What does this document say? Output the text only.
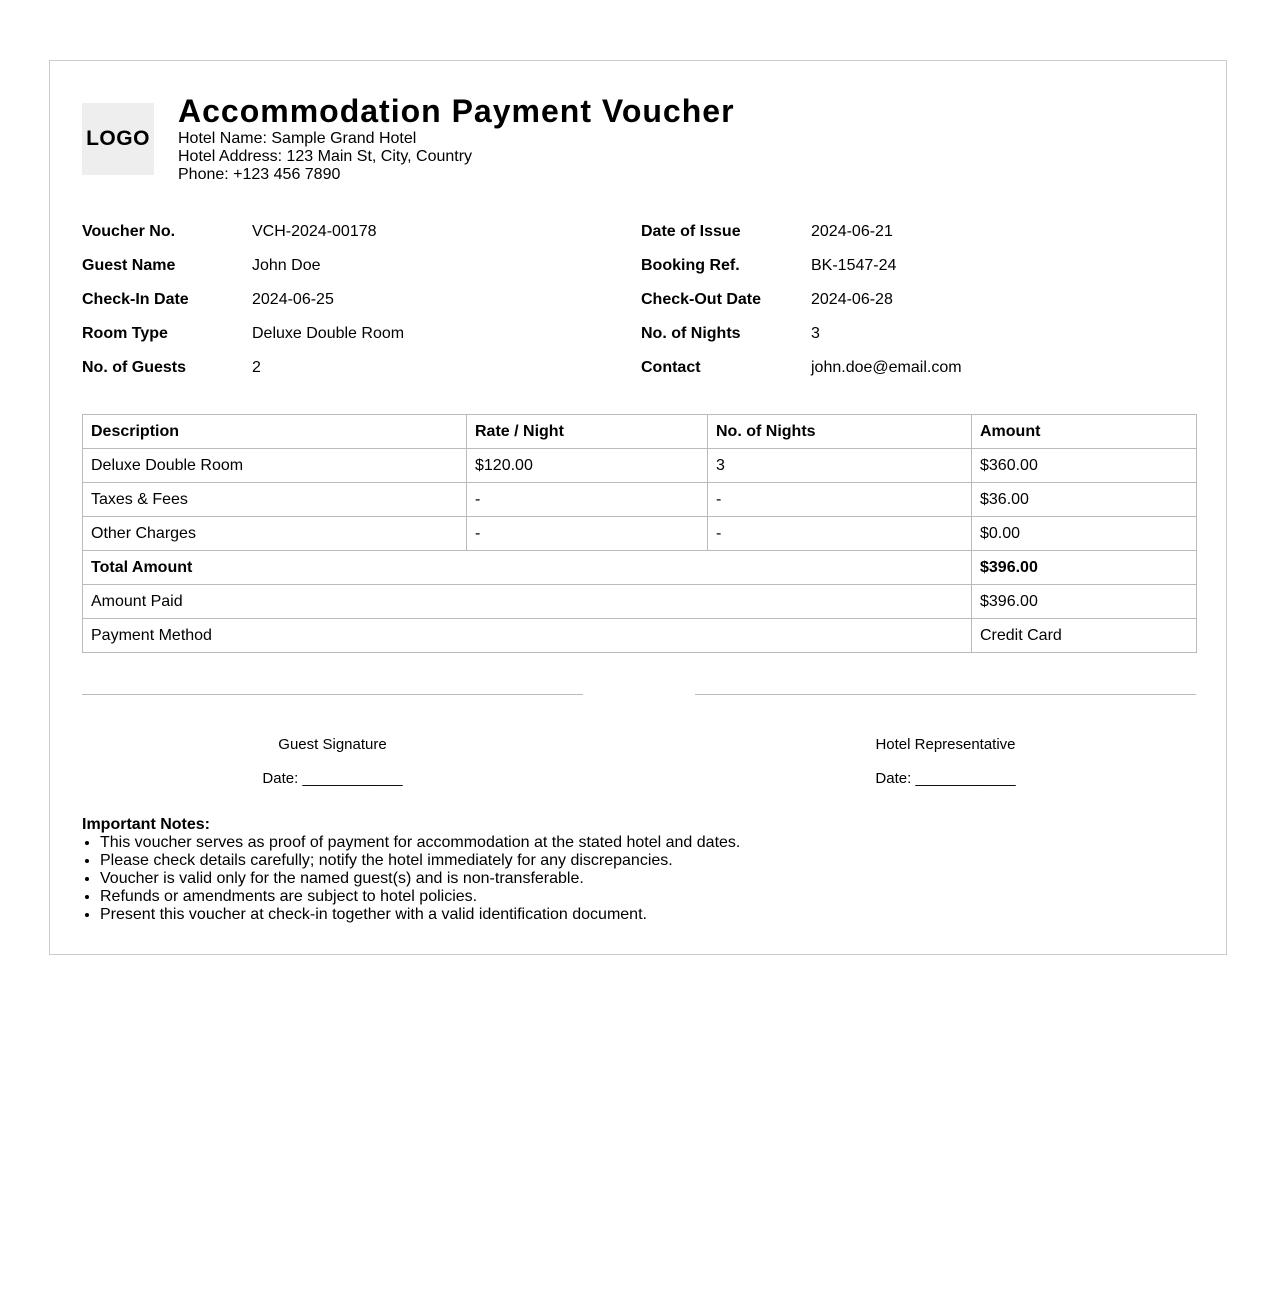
LOGO
Accommodation Payment Voucher
Hotel Name: Sample Grand Hotel
Hotel Address: 123 Main St, City, Country
Phone: +123 456 7890
Voucher No.	VCH-2024-00178
Guest Name	John Doe
Check-In Date	2024-06-25
Room Type	Deluxe Double Room
No. of Guests	2
Date of Issue	2024-06-21
Booking Ref.	BK-1547-24
Check-Out Date	2024-06-28
No. of Nights	3
Contact	john.doe@email.com
Description	Rate / Night	No. of Nights	Amount
Deluxe Double Room	$120.00	3	$360.00
Taxes & Fees	-	-	$36.00
Other Charges	-	-	$0.00
Total Amount			$396.00
Amount Paid			$396.00
Payment Method			Credit Card
Guest Signature
Date: ____________
Hotel Representative
Date: ____________
Important Notes:
• This voucher serves as proof of payment for accommodation at the stated hotel and dates.
• Please check details carefully; notify the hotel immediately for any discrepancies.
• Voucher is valid only for the named guest(s) and is non-transferable.
• Refunds or amendments are subject to hotel policies.
• Present this voucher at check-in together with a valid identification document.
